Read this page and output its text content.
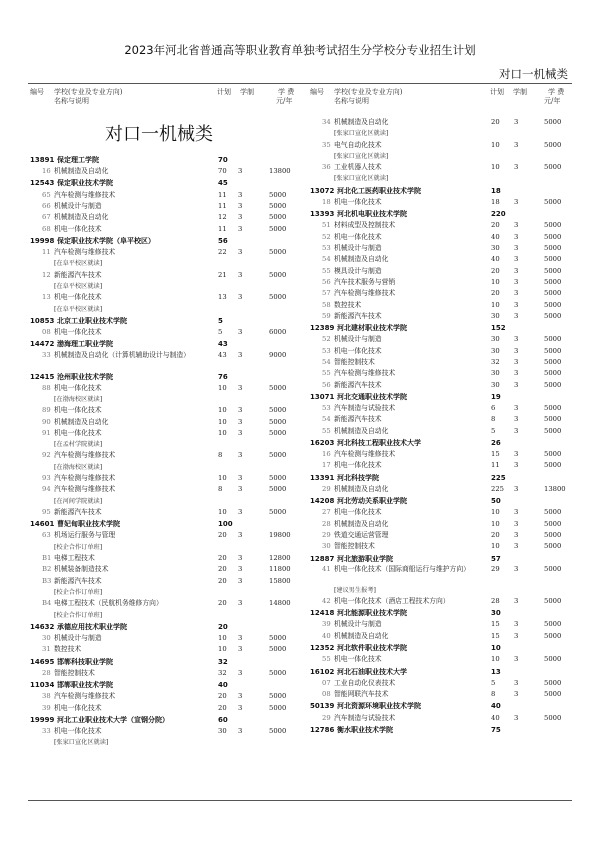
2023年河北省普通高等职业教育单独考试招生分学校分专业招生计划
对口一机械类
编号 学校(专业及专业方向)
名称与说明
计划 学制	学 费
元/年
编号 学校(专业及专业方向)
名称与说明
计划 学制	学 费
元/年
对口一机械类
13891 保定理工学院	70
16 机械制造及自动化	70 3	13800
12543 保定职业技术学院	45
65 汽车检测与维修技术	11 3	5000
66 机械设计与制造	11 3	5000
67 机械制造及自动化	12 3	5000
68 机电一体化技术	11 3	5000
19998 保定职业技术学院（阜平校区）	56
11 汽车检测与维修技术	22 3	5000
[在阜平校区就读]
12 新能源汽车技术	21 3	5000
[在阜平校区就读]
13 机电一体化技术	13 3	5000
[在阜平校区就读]
10853 北京工业职业技术学院	5
08 机电一体化技术	5 3	6000
14472 渤海理工职业学院	43
33 机械制造及自动化（计算机辅助设计与制造）	43 3	9000
12415 沧州职业技术学院	76
88 机电一体化技术	10 3	5000
[在渤海校区就读]
89 机电一体化技术	10 3	5000
90 机械制造及自动化	10 3	5000
91 机电一体化技术	10 3	5000
[在孟村学院就读]
92 汽车检测与维修技术	8 3	5000
[在渤海校区就读]
93 汽车检测与维修技术	10 3	5000
94 汽车检测与维修技术	8 3	5000
[在河间学院就读]
95 新能源汽车技术	10 3	5000
14601 曹妃甸职业技术学院	100
63 机场运行服务与管理	20 3	19800
[校企合作订单班]
B1 电梯工程技术	20 3	12800
B2 机械装备制造技术	20 3	11800
B3 新能源汽车技术	20 3	15800
[校企合作订单班]
B4 电梯工程技术（民航机务维修方向）	20 3	14800
[校企合作订单班]
14632 承德应用技术职业学院	20
30 机械设计与制造	10 3	5000
31 数控技术	10 3	5000
14695 邯郸科技职业学院	32
28 智能控制技术	32 3	5000
11034 邯郸职业技术学院	40
38 汽车检测与维修技术	20 3	5000
39 机电一体化技术	20 3	5000
19999 河北工业职业技术大学（宣钢分院）	60
33 机电一体化技术	30 3	5000
[张家口宣化区就读]
34 机械制造及自动化	20 3	5000
[张家口宣化区就读]
35 电气自动化技术	10 3	5000
[张家口宣化区就读]
36 工业机器人技术	10 3	5000
[张家口宣化区就读]
13072 河北化工医药职业技术学院	18
18 机电一体化技术	18 3	5000
13393 河北机电职业技术学院	220
51 材料成型及控制技术	20 3	5000
52 机电一体化技术	40 3	5000
53 机械设计与制造	30 3	5000
54 机械制造及自动化	40 3	5000
55 模具设计与制造	20 3	5000
56 汽车技术服务与营销	10 3	5000
57 汽车检测与维修技术	20 3	5000
58 数控技术	10 3	5000
59 新能源汽车技术	30 3	5000
12389 河北建材职业技术学院	152
52 机械设计与制造	30 3	5000
53 机电一体化技术	30 3	5000
54 智能控制技术	32 3	5000
55 汽车检测与维修技术	30 3	5000
56 新能源汽车技术	30 3	5000
13071 河北交通职业技术学院	19
53 汽车制造与试验技术	6	3	5000
54 新能源汽车技术	8	3	5000
55 机械制造及自动化	5	3	5000
16203 河北科技工程职业技术大学	26
16 汽车检测与维修技术	15 3	5000
17 机电一体化技术	11 3	5000
13391 河北科技学院	225
29 机械制造及自动化	225 3	13800
14208 河北劳动关系职业学院	50
27 机电一体化技术	10 3	5000
28 机械制造及自动化	10 3	5000
29 铁道交通运营管理	20 3	5000
30 智能控制技术	10 3	5000
12887 河北旅游职业学院	57
41 机电一体化技术（国际商船运行与维护方向）	29 3	5000
[建议男生报考]
42 机电一体化技术（酒店工程技术方向）	28 3	5000
12418 河北能源职业技术学院	30
39 机械设计与制造	15 3	5000
40 机械制造及自动化	15 3	5000
12352 河北软件职业技术学院	10
55 机电一体化技术	10 3	5000
16102 河北石油职业技术大学	13
07 工业自动化仪表技术	5	3	5000
08 智能网联汽车技术	8	3	5000
50139 河北资源环境职业技术学院	40
29 汽车制造与试验技术	40 3	5000
12786 衡水职业技术学院	75
